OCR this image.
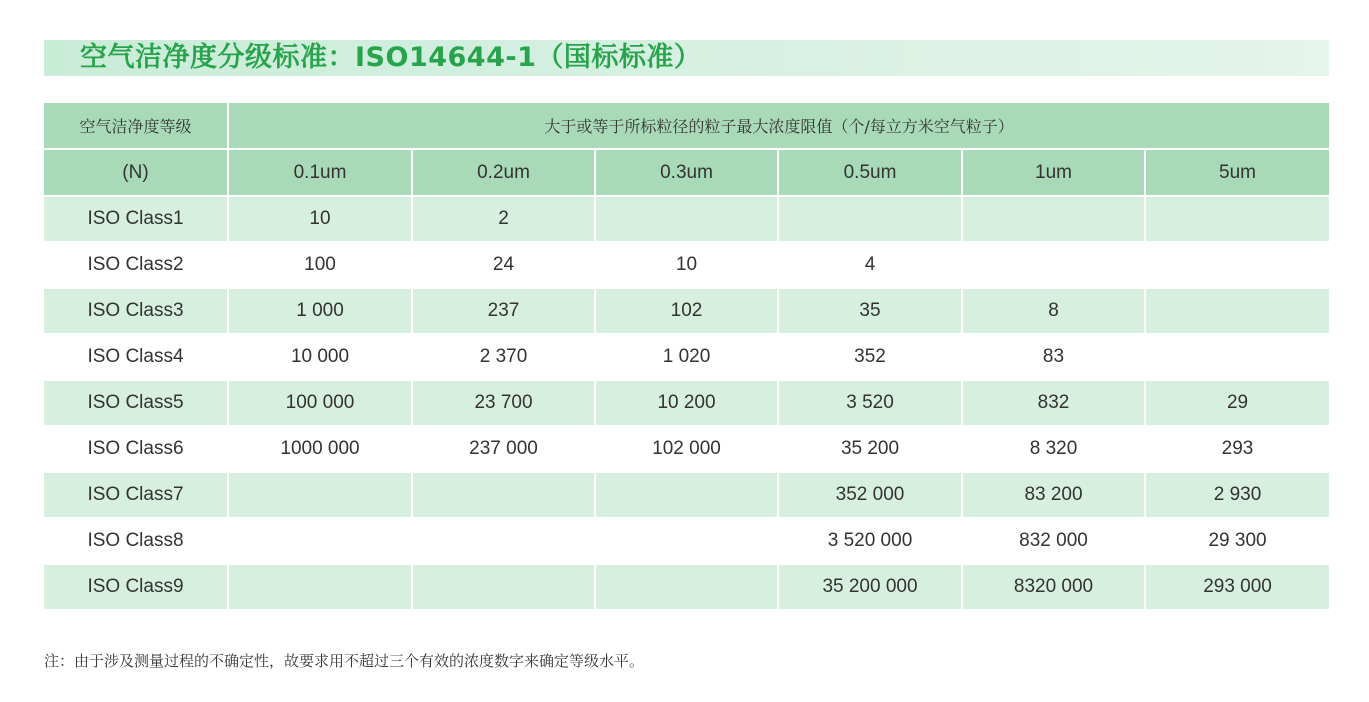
空气洁净度分级标准：ISO14644-1（国标标准）
空气洁净度等级	大于或等于所标粒径的粒子最大浓度限值（个/每立方米空气粒子）					
(N)	0.1um	0.2um	0.3um	0.5um	1um	5um
ISO Class1	10	2				
ISO Class2	100	24	10	4		
ISO Class3	1 000	237	102	35	8	
ISO Class4	10 000	2 370	1 020	352	83	
ISO Class5	100 000	23 700	10 200	3 520	832	29
ISO Class6	1000 000	237 000	102 000	35 200	8 320	293
ISO Class7				352 000	83 200	2 930
ISO Class8				3 520 000	832 000	29 300
ISO Class9				35 200 000	8320 000	293 000
注：由于涉及测量过程的不确定性，故要求用不超过三个有效的浓度数字来确定等级水平。
